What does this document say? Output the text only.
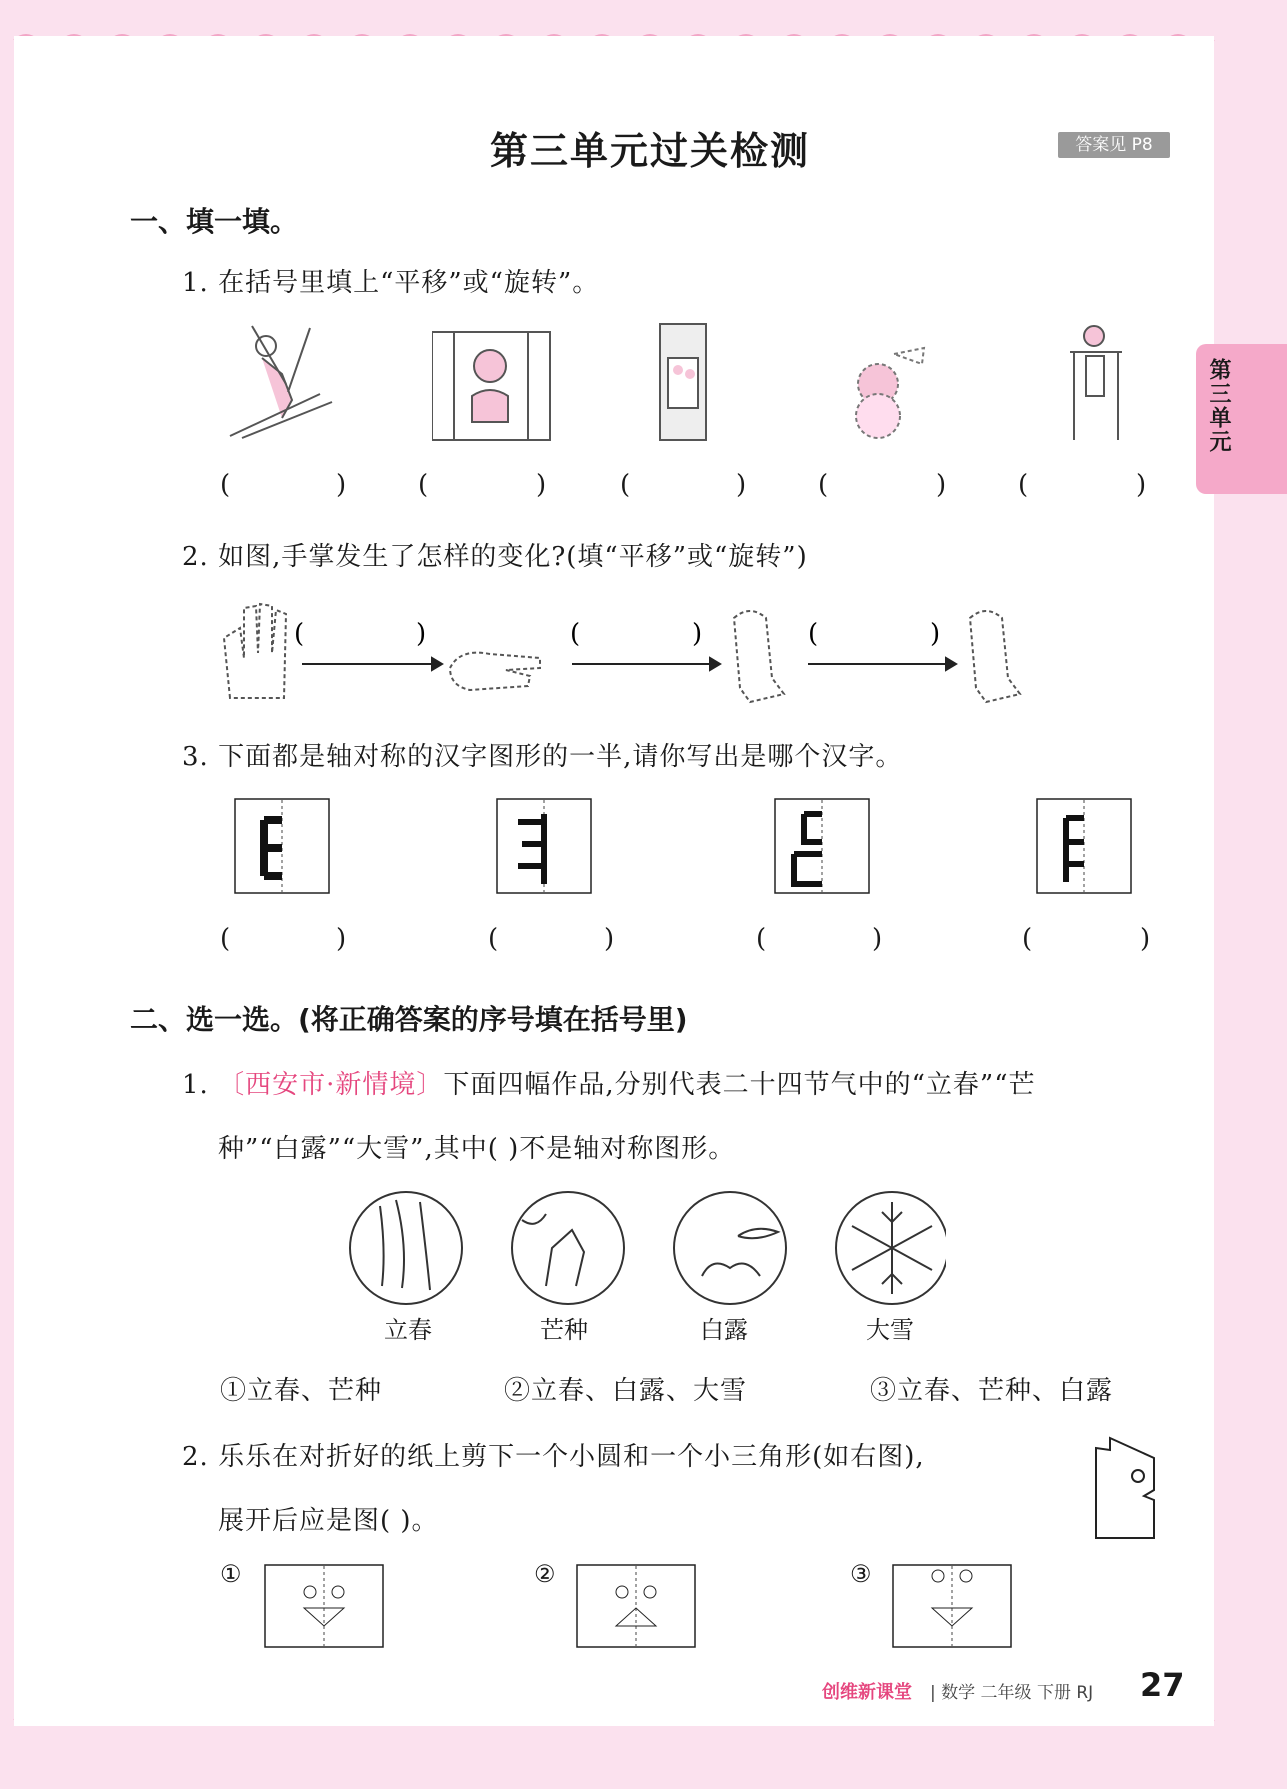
第三单元过关检测	答案见 P8
第三单元
一、填一填。
1. 在括号里填上“平移”或“旋转”。
(	)	(	)	(	)	(	)	(	)
2. 如图,手掌发生了怎样的变化?(填“平移”或“旋转”)
(	)	(	)	(	)
3. 下面都是轴对称的汉字图形的一半,请你写出是哪个汉字。
(	)	(	)	(	)	(	)
二、选一选。(将正确答案的序号填在括号里)
1. 〔西安市·新情境〕下面四幅作品,分别代表二十四节气中的“立春”“芒
种”“白露”“大雪”,其中( )不是轴对称图形。
立春	芒种	白露	大雪
①立春、芒种	②立春、白露、大雪	③立春、芒种、白露
2. 乐乐在对折好的纸上剪下一个小圆和一个小三角形(如右图),
展开后应是图( )。
①	②	③
创维新课堂 | 数学 二年级 下册 RJ 27
